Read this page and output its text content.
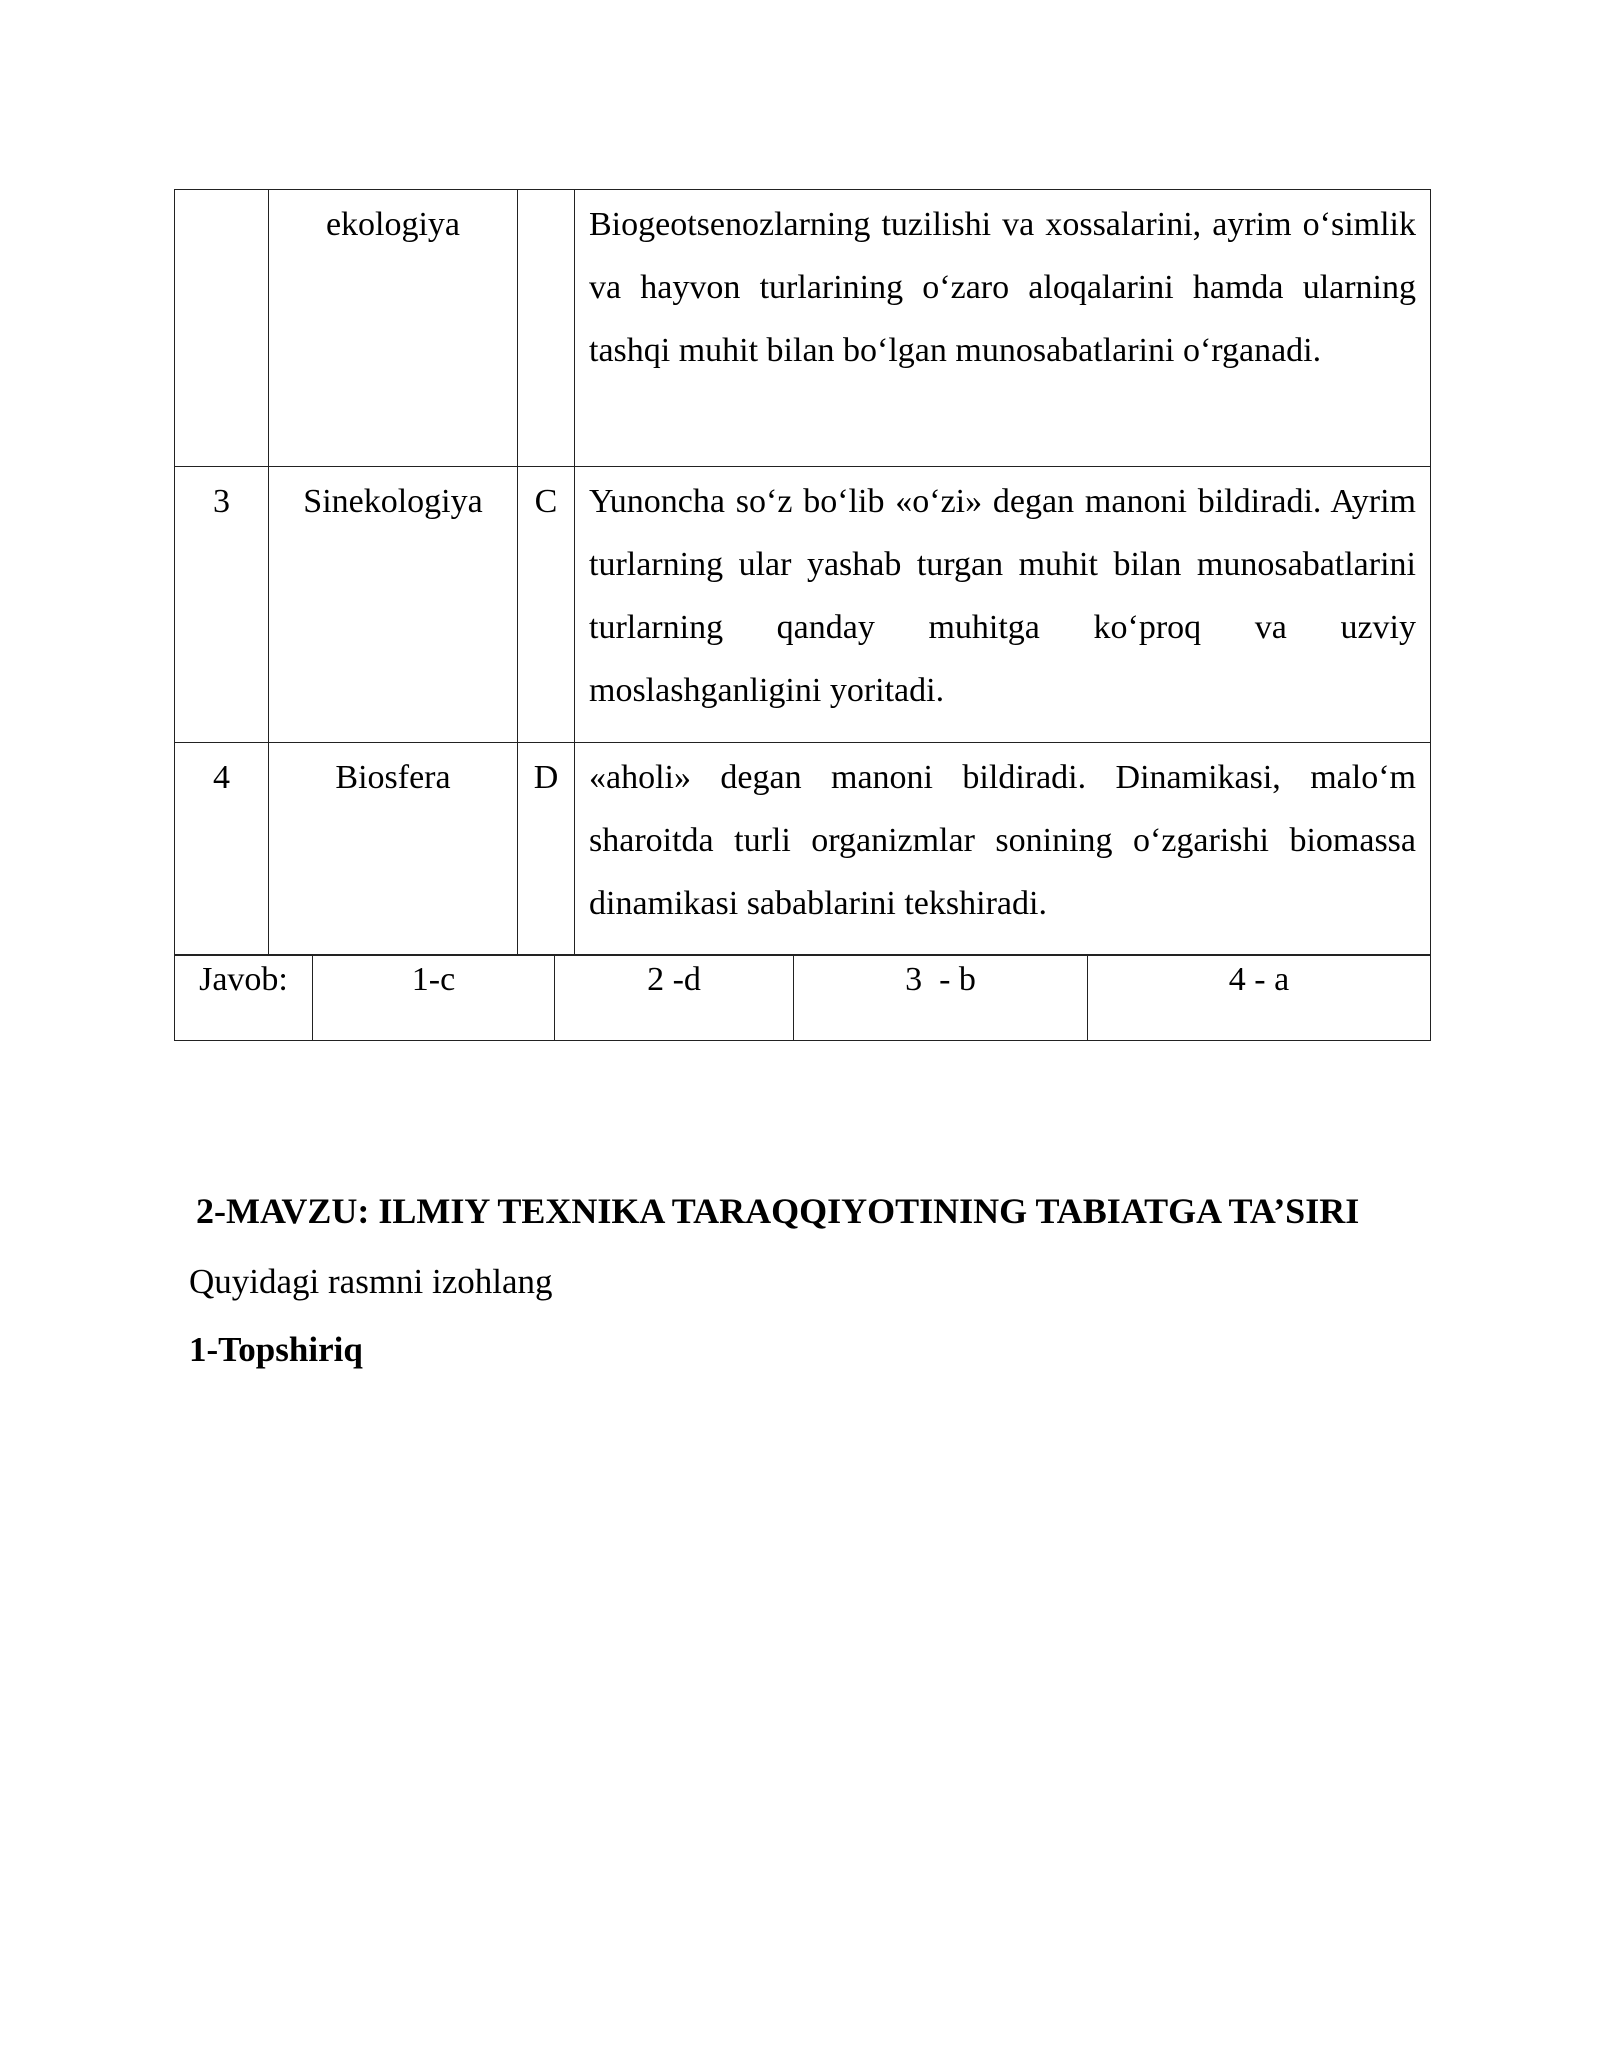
	ekologiya		Biogeotsenozlarning tuzilishi va xossalarini, ayrim o‘simlik va hayvon turlarining o‘zaro aloqalarini hamda ularning tashqi muhit bilan bo‘lgan munosabatlarini o‘rganadi.

3	Sinekologiya	C	Yunoncha so‘z bo‘lib «o‘zi» degan manoni bildiradi. Ayrim turlarning ular yashab turgan muhit bilan munosabatlarini turlarning qanday muhitga ko‘proq va uzviy moslashganligini yoritadi.

4	Biosfera	D	«aholi» degan manoni bildiradi. Dinamikasi, malo‘m sharoitda turli organizmlar sonining o‘zgarishi biomassa dinamikasi sabablarini tekshiradi.
Javob:	1-c	2 -d	3  - b	4 - a
2-MAVZU: ILMIY TEXNIKA TARAQQIYOTINING TABIATGA TA’SIRI
Quyidagi rasmni izohlang
1-Topshiriq
